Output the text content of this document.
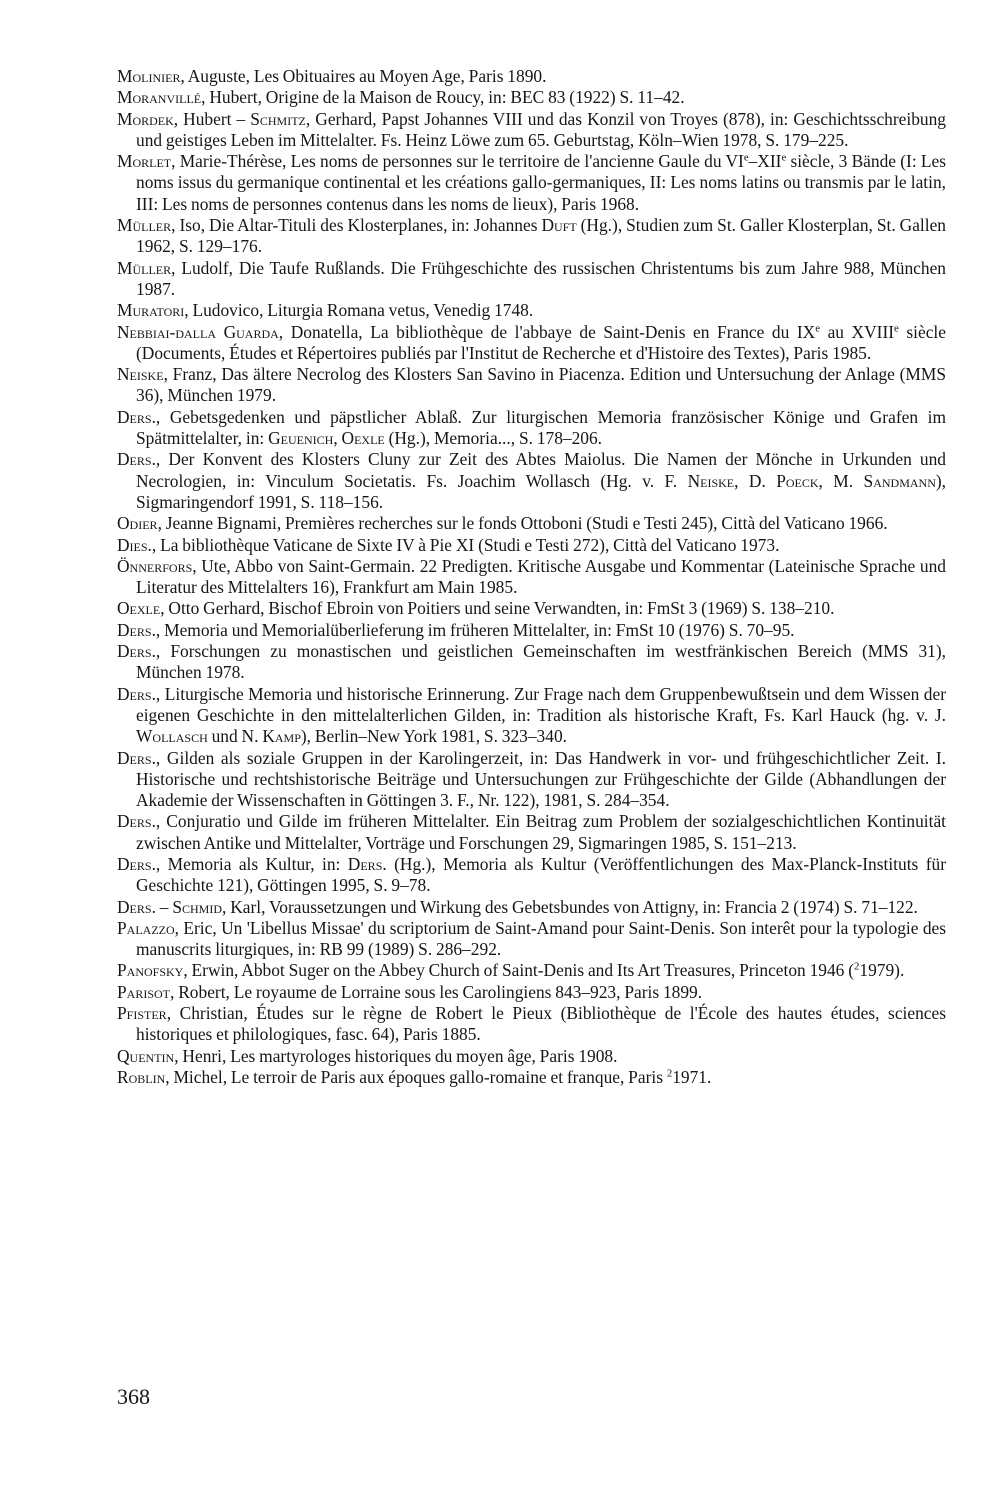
Molinier, Auguste, Les Obituaires au Moyen Age, Paris 1890.
Moranvillé, Hubert, Origine de la Maison de Roucy, in: BEC 83 (1922) S. 11–42.
Mordek, Hubert – Schmitz, Gerhard, Papst Johannes VIII und das Konzil von Troyes (878), in: Geschichtsschreibung und geistiges Leben im Mittelalter. Fs. Heinz Löwe zum 65. Geburtstag, Köln–Wien 1978, S. 179–225.
Morlet, Marie-Thérèse, Les noms de personnes sur le territoire de l'ancienne Gaule du VIe–XIIe siècle, 3 Bände (I: Les noms issus du germanique continental et les créations gallo-germaniques, II: Les noms latins ou transmis par le latin, III: Les noms de personnes contenus dans les noms de lieux), Paris 1968.
Müller, Iso, Die Altar-Tituli des Klosterplanes, in: Johannes Duft (Hg.), Studien zum St. Galler Klosterplan, St. Gallen 1962, S. 129–176.
Müller, Ludolf, Die Taufe Rußlands. Die Frühgeschichte des russischen Christentums bis zum Jahre 988, München 1987.
Muratori, Ludovico, Liturgia Romana vetus, Venedig 1748.
Nebbiai-dalla Guarda, Donatella, La bibliothèque de l'abbaye de Saint-Denis en France du IXe au XVIIIe siècle (Documents, Études et Répertoires publiés par l'Institut de Recherche et d'Histoire des Textes), Paris 1985.
Neiske, Franz, Das ältere Necrolog des Klosters San Savino in Piacenza. Edition und Untersuchung der Anlage (MMS 36), München 1979.
Ders., Gebetsgedenken und päpstlicher Ablaß. Zur liturgischen Memoria französischer Könige und Grafen im Spätmittelalter, in: Geuenich, Oexle (Hg.), Memoria..., S. 178–206.
Ders., Der Konvent des Klosters Cluny zur Zeit des Abtes Maiolus. Die Namen der Mönche in Urkunden und Necrologien, in: Vinculum Societatis. Fs. Joachim Wollasch (Hg. v. F. Neiske, D. Poeck, M. Sandmann), Sigmaringendorf 1991, S. 118–156.
Odier, Jeanne Bignami, Premières recherches sur le fonds Ottoboni (Studi e Testi 245), Città del Vaticano 1966.
Dies., La bibliothèque Vaticane de Sixte IV à Pie XI (Studi e Testi 272), Città del Vaticano 1973.
Önnerfors, Ute, Abbo von Saint-Germain. 22 Predigten. Kritische Ausgabe und Kommentar (Lateinische Sprache und Literatur des Mittelalters 16), Frankfurt am Main 1985.
Oexle, Otto Gerhard, Bischof Ebroin von Poitiers und seine Verwandten, in: FmSt 3 (1969) S. 138–210.
Ders., Memoria und Memorialüberlieferung im früheren Mittelalter, in: FmSt 10 (1976) S. 70–95.
Ders., Forschungen zu monastischen und geistlichen Gemeinschaften im westfränkischen Bereich (MMS 31), München 1978.
Ders., Liturgische Memoria und historische Erinnerung. Zur Frage nach dem Gruppenbewußtsein und dem Wissen der eigenen Geschichte in den mittelalterlichen Gilden, in: Tradition als historische Kraft, Fs. Karl Hauck (hg. v. J. Wollasch und N. Kamp), Berlin–New York 1981, S. 323–340.
Ders., Gilden als soziale Gruppen in der Karolingerzeit, in: Das Handwerk in vor- und frühgeschichtlicher Zeit. I. Historische und rechtshistorische Beiträge und Untersuchungen zur Frühgeschichte der Gilde (Abhandlungen der Akademie der Wissenschaften in Göttingen 3. F., Nr. 122), 1981, S. 284–354.
Ders., Conjuratio und Gilde im früheren Mittelalter. Ein Beitrag zum Problem der sozialgeschichtlichen Kontinuität zwischen Antike und Mittelalter, Vorträge und Forschungen 29, Sigmaringen 1985, S. 151–213.
Ders., Memoria als Kultur, in: Ders. (Hg.), Memoria als Kultur (Veröffentlichungen des Max-Planck-Instituts für Geschichte 121), Göttingen 1995, S. 9–78.
Ders. – Schmid, Karl, Voraussetzungen und Wirkung des Gebetsbundes von Attigny, in: Francia 2 (1974) S. 71–122.
Palazzo, Eric, Un 'Libellus Missae' du scriptorium de Saint-Amand pour Saint-Denis. Son interêt pour la typologie des manuscrits liturgiques, in: RB 99 (1989) S. 286–292.
Panofsky, Erwin, Abbot Suger on the Abbey Church of Saint-Denis and Its Art Treasures, Princeton 1946 ($^2$1979).
Parisot, Robert, Le royaume de Lorraine sous les Carolingiens 843–923, Paris 1899.
Pfister, Christian, Études sur le règne de Robert le Pieux (Bibliothèque de l'École des hautes études, sciences historiques et philologiques, fasc. 64), Paris 1885.
Quentin, Henri, Les martyrologes historiques du moyen âge, Paris 1908.
Roblin, Michel, Le terroir de Paris aux époques gallo-romaine et franque, Paris $^2$1971.
368
